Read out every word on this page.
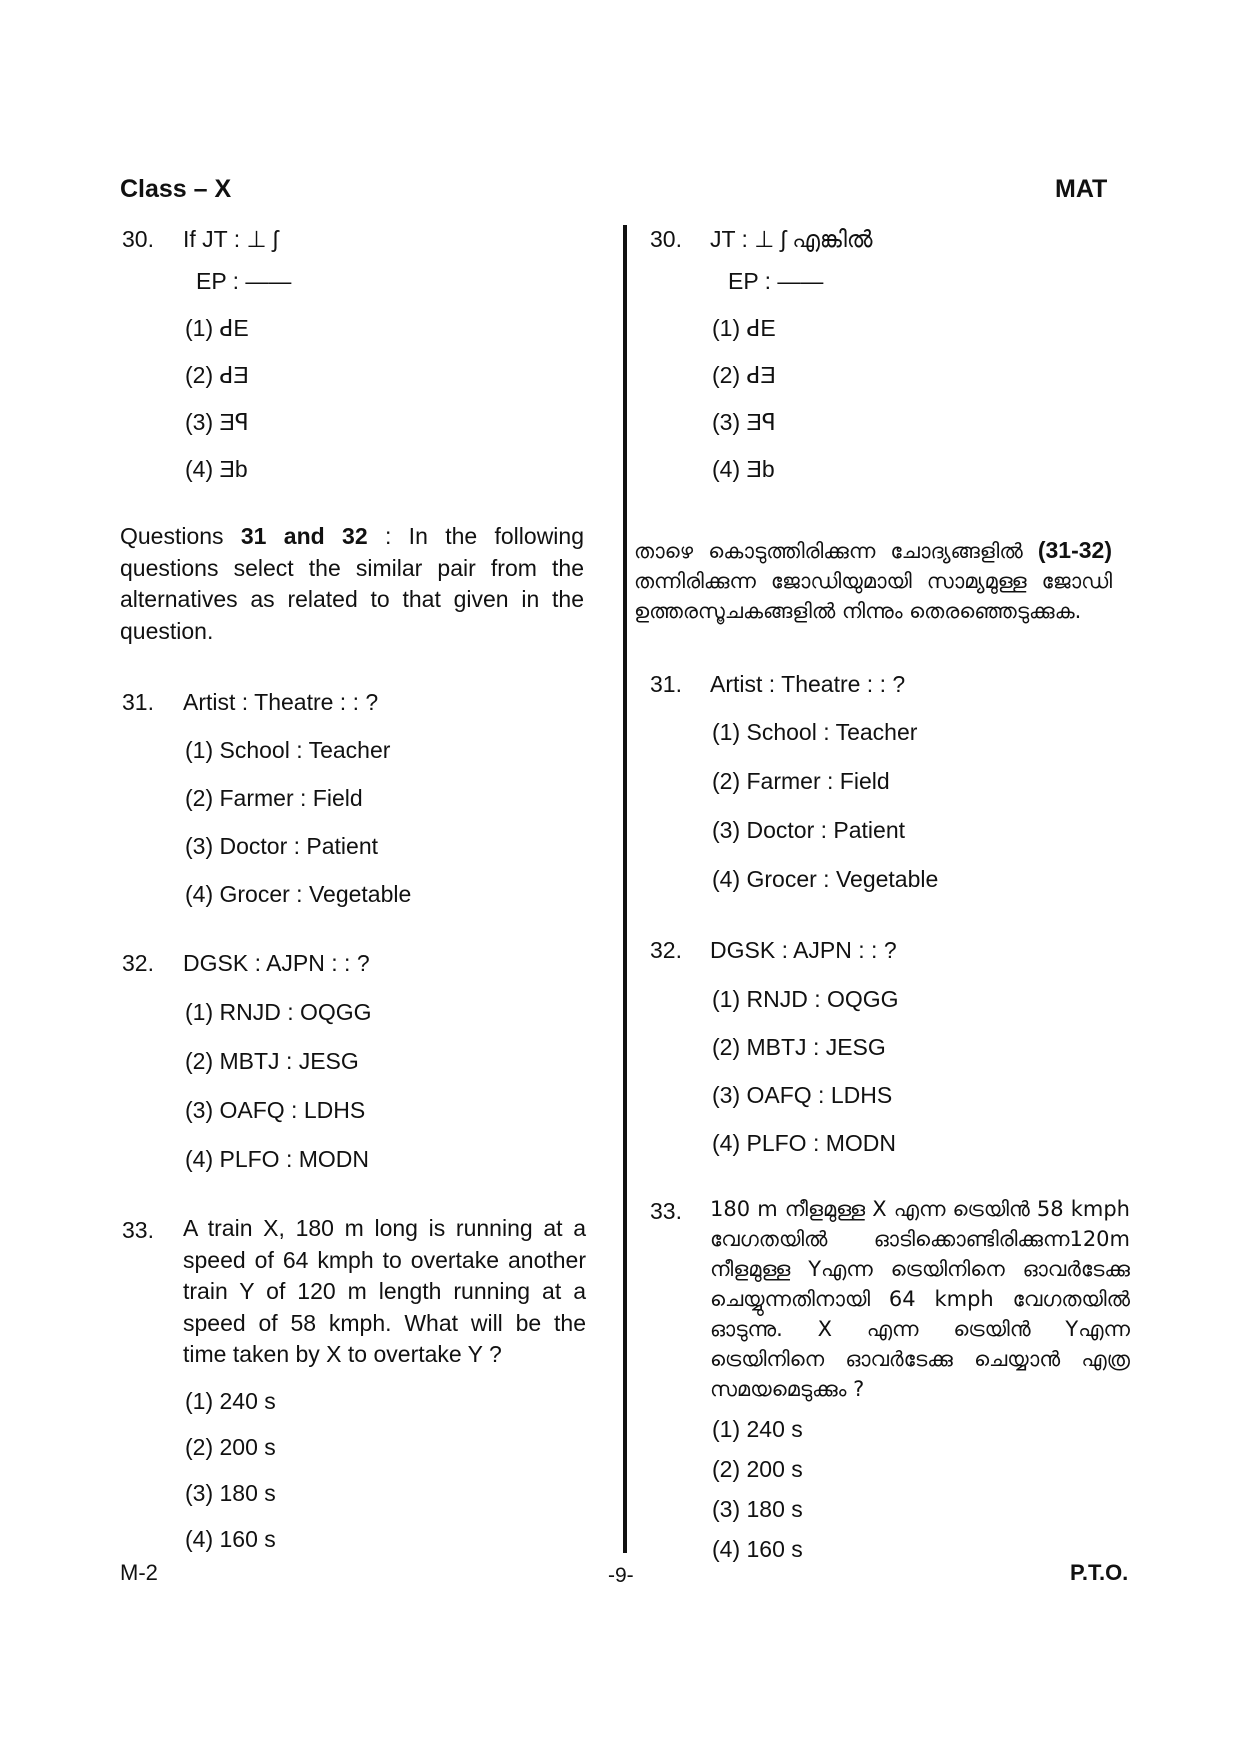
Class – X	MAT
30. If JT : ⊥ ʃ
EP : ——
(1) ꓒE
(2) ꓒƎ
(3) Ǝꟼ
(4) Ǝb
Questions 31 and 32 : In the following questions select the similar pair from the alternatives as related to that given in the question.
31. Artist : Theatre : : ?
(1) School : Teacher
(2) Farmer : Field
(3) Doctor : Patient
(4) Grocer : Vegetable
32. DGSK : AJPN : : ?
(1) RNJD : OQGG
(2) MBTJ : JESG
(3) OAFQ : LDHS
(4) PLFO : MODN
33. A train X, 180 m long is running at a speed of 64 kmph to overtake another train Y of 120 m length running at a speed of 58 kmph. What will be the time taken by X to overtake Y ?
(1) 240 s
(2) 200 s
(3) 180 s
(4) 160 s
30. JT : ⊥ ʃ എങ്കിൽ
EP : ——
(1) ꓒE
(2) ꓒƎ
(3) Ǝꟼ
(4) Ǝb
താഴെ കൊടുത്തിരിക്കുന്ന ചോദ്യങ്ങളിൽ (31-32) തന്നിരിക്കുന്ന ജോഡിയുമായി സാമ്യമുള്ള ജോഡി ഉത്തരസൂചകങ്ങളിൽ നിന്നും തെരഞ്ഞെടുക്കുക.
31. Artist : Theatre : : ?
(1) School : Teacher
(2) Farmer : Field
(3) Doctor : Patient
(4) Grocer : Vegetable
32. DGSK : AJPN : : ?
(1) RNJD : OQGG
(2) MBTJ : JESG
(3) OAFQ : LDHS
(4) PLFO : MODN
33. 180 m നീളമുള്ള X എന്ന ട്രെയിൻ 58 kmph വേഗതയിൽ ഓടിക്കൊണ്ടിരിക്കുന്ന120m നീളമുള്ള Yഎന്ന ട്രെയിനിനെ ഓവർടേക്കു ചെയ്യുന്നതിനായി 64 kmph വേഗതയിൽ ഓടുന്നു. X എന്ന ട്രെയിൻ Yഎന്ന ട്രെയിനിനെ ഓവർടേക്കു ചെയ്യാൻ എത്ര സമയമെടുക്കും ?
(1) 240 s
(2) 200 s
(3) 180 s
(4) 160 s
M-2	-9-	P.T.O.
